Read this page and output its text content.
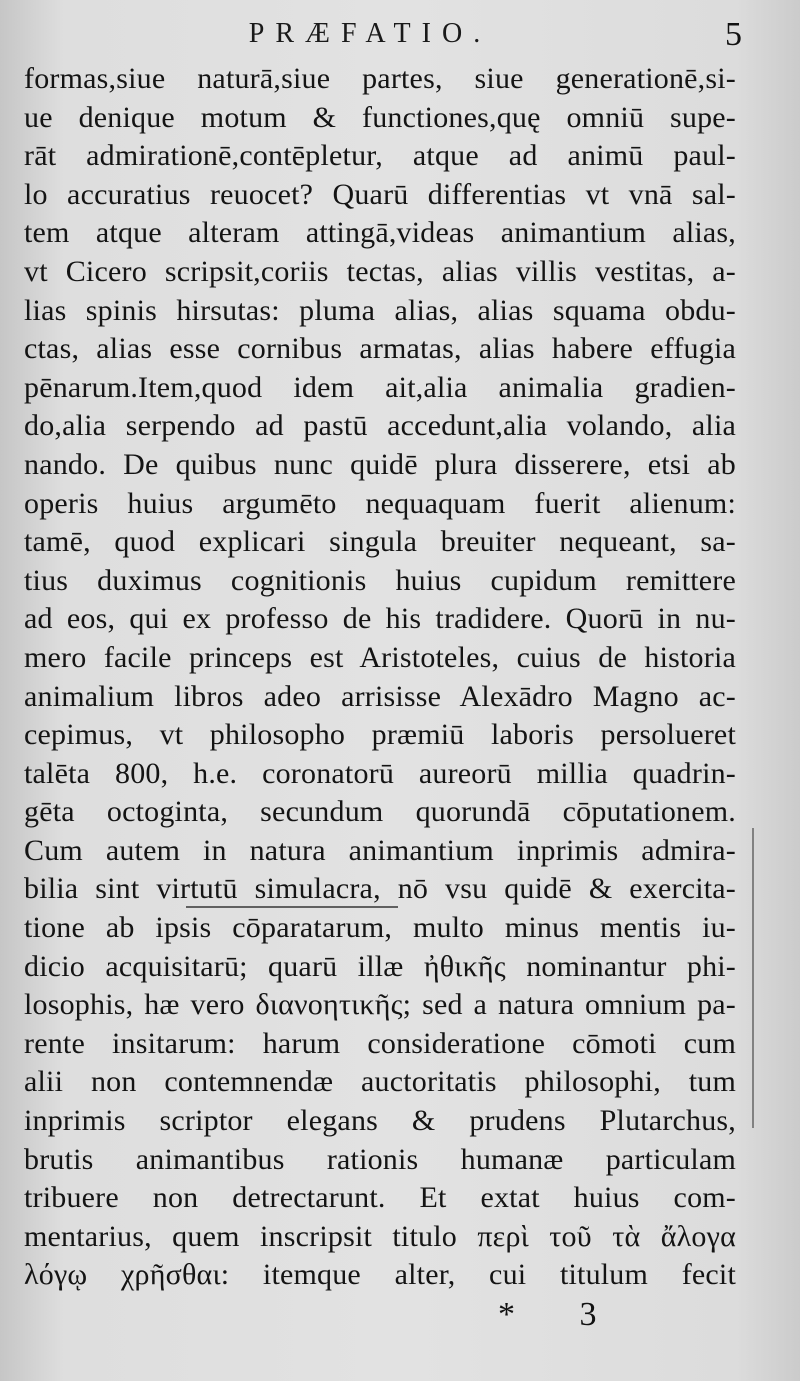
PRÆFATIO.	5
formas,siue naturā,siue partes, siue generationē,si-
ue denique motum & functiones,quę omniū supe-
rāt admirationē,contēpletur, atque ad animū paul-
lo accuratius reuocet? Quarū differentias vt vnā sal-
tem atque alteram attingā,videas animantium alias,
vt Cicero scripsit,coriis tectas, alias villis vestitas, a-
lias spinis hirsutas: pluma alias, alias squama obdu-
ctas, alias esse cornibus armatas, alias habere effugia
pēnarum.Item,quod idem ait,alia animalia gradien-
do,alia serpendo ad pastū accedunt,alia volando, alia
nando. De quibus nunc quidē plura disserere, etsi ab
operis huius argumēto nequaquam fuerit alienum:
tamē, quod explicari singula breuiter nequeant, sa-
tius duximus cognitionis huius cupidum remittere
ad eos, qui ex professo de his tradidere. Quorū in nu-
mero facile princeps est Aristoteles, cuius de historia
animalium libros adeo arrisisse Alexādro Magno ac-
cepimus, vt philosopho præmiū laboris persolueret
talēta 800, h.e. coronatorū aureorū millia quadrin-
gēta octoginta, secundum quorundā cōputationem.
Cum autem in natura animantium inprimis admira-
bilia sint virtutū simulacra, nō vsu quidē & exercita-
tione ab ipsis cōparatarum, multo minus mentis iu-
dicio acquisitarū; quarū illæ ἠθικῆς nominantur phi-
losophis, hæ vero διανοητικῆς; sed a natura omnium pa-
rente insitarum: harum consideratione cōmoti cum
alii non contemnendæ auctoritatis philosophi, tum
inprimis scriptor elegans & prudens Plutarchus,
brutis animantibus rationis humanæ particulam
tribuere non detrectarunt. Et extat huius com-
mentarius, quem inscripsit titulo περὶ τοῦ τὰ ἄλογα
λόγῳ χρῆσθαι: itemque alter, cui titulum fecit
* 3
